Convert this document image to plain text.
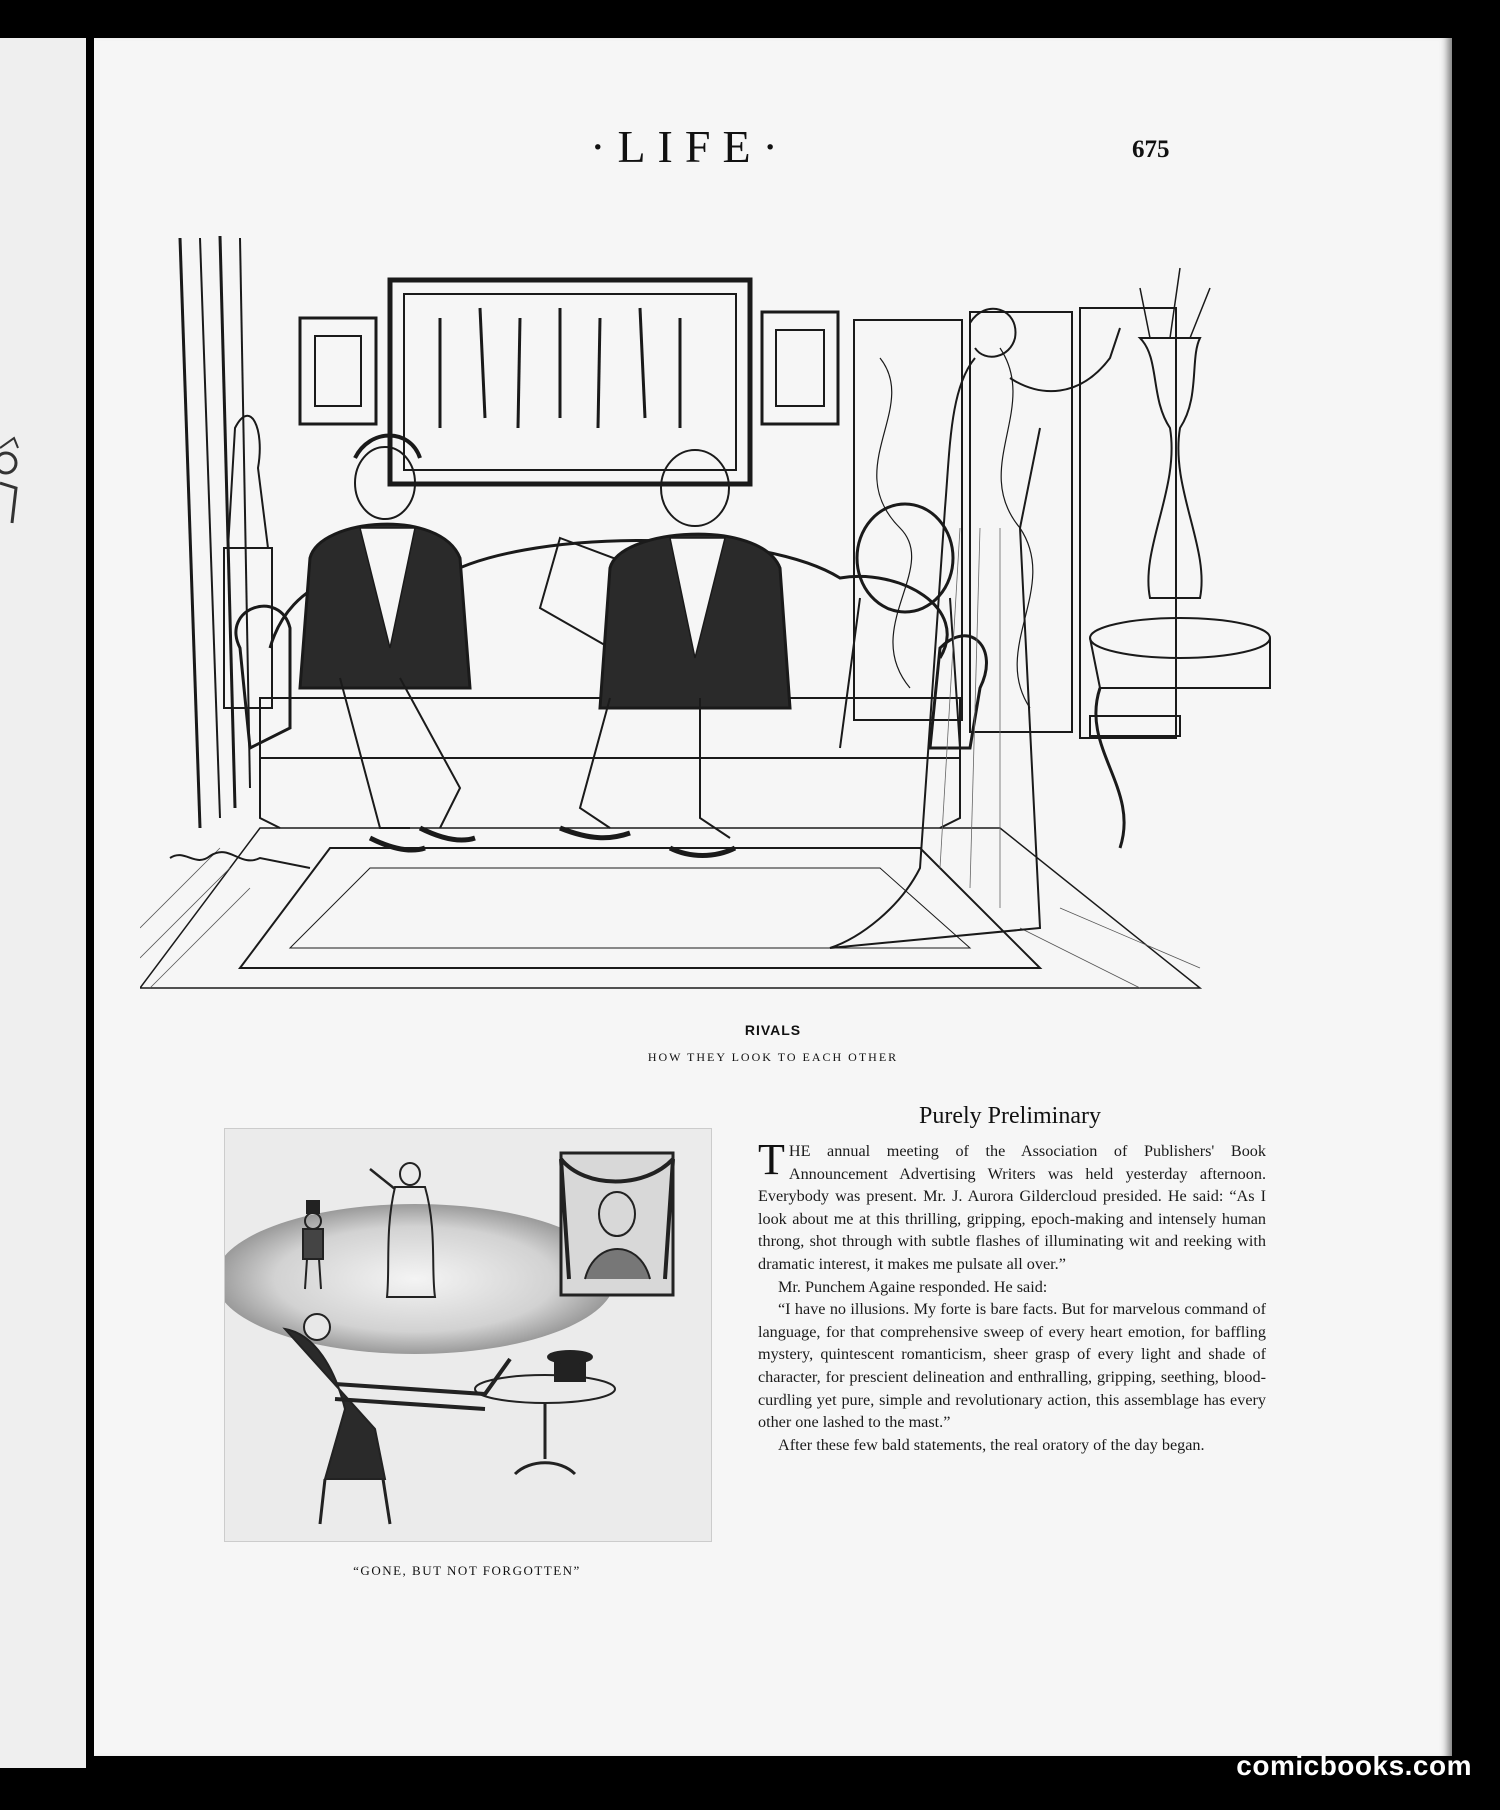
·LIFE·	675
RIVALS
HOW THEY LOOK TO EACH OTHER
“GONE, BUT NOT FORGOTTEN”
Purely Preliminary

THE annual meeting of the Association of Publishers' Book Announcement Advertising Writers was held yesterday afternoon. Everybody was present. Mr. J. Aurora Gildercloud presided. He said: “As I look about me at this thrilling, gripping, epoch-making and intensely human throng, shot through with subtle flashes of illuminating wit and reeking with dramatic interest, it makes me pulsate all over.”

Mr. Punchem Againe responded. He said:

“I have no illusions. My forte is bare facts. But for marvelous command of language, for that comprehensive sweep of every heart emotion, for baffling mystery, quintescent romanticism, sheer grasp of every light and shade of character, for prescient delineation and enthralling, gripping, seething, blood-curdling yet pure, simple and revolutionary action, this assemblage has every other one lashed to the mast.”

After these few bald statements, the real oratory of the day began.

comicbooks.com
